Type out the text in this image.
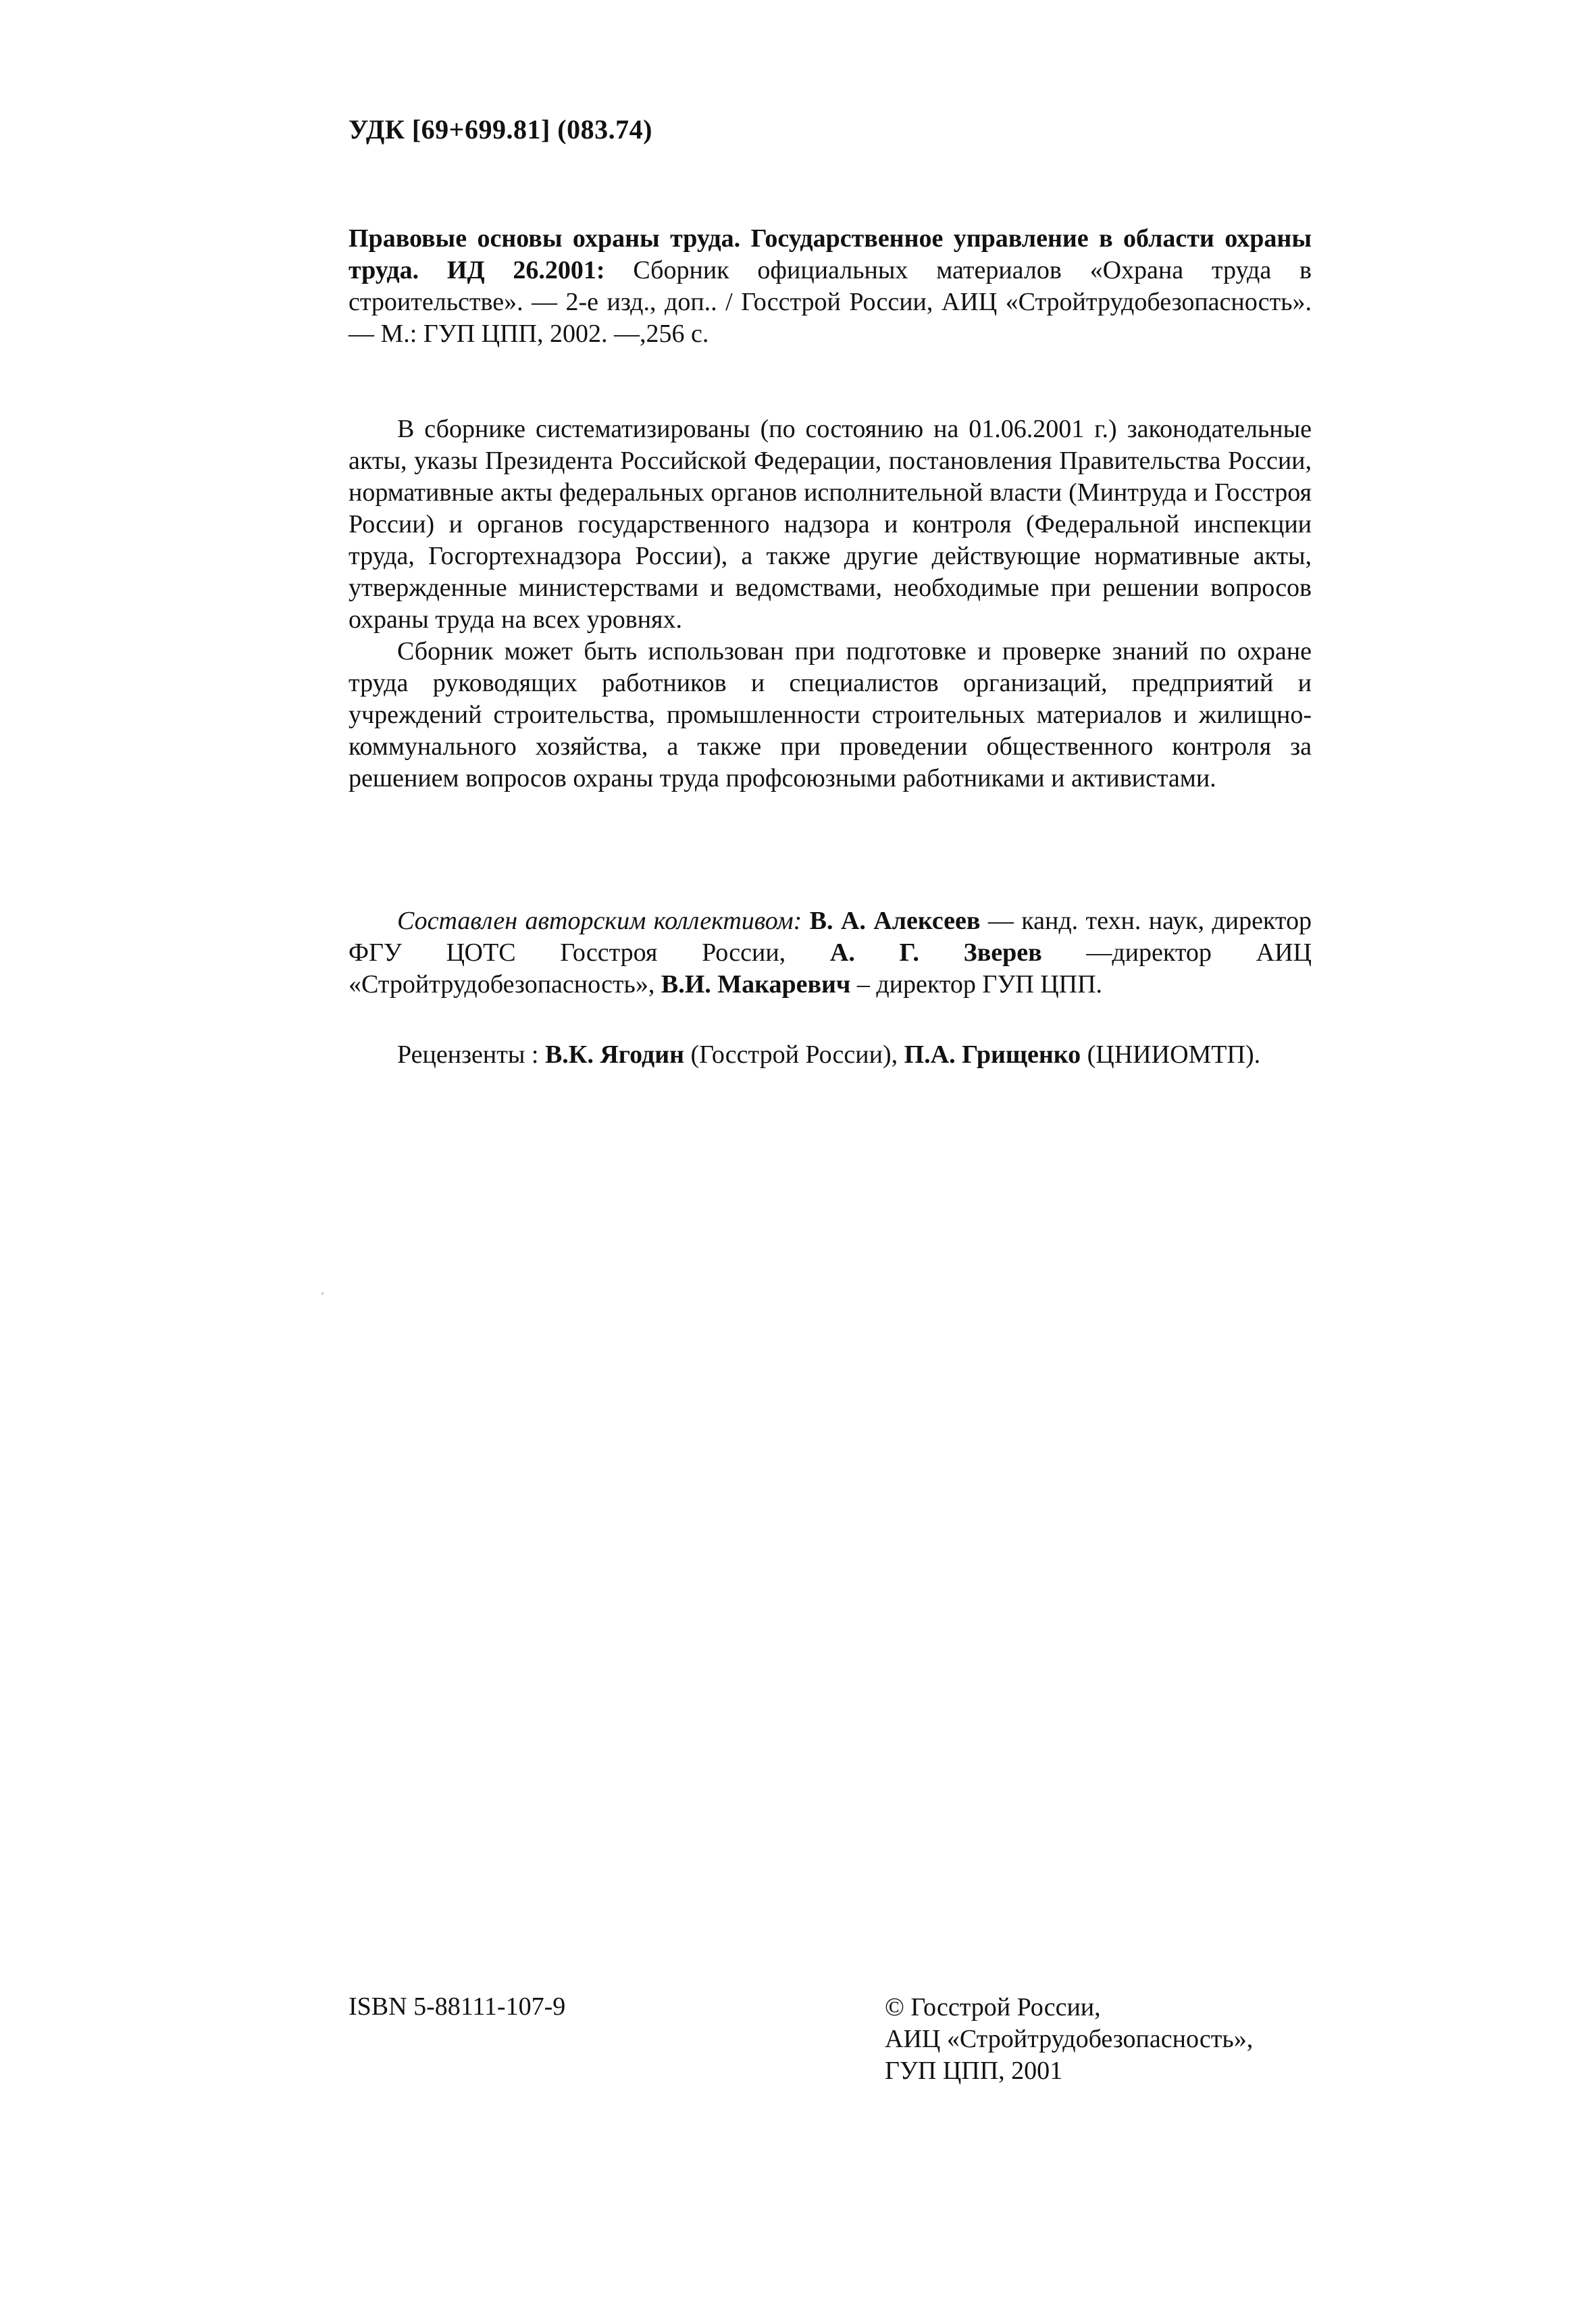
УДК [69+699.81] (083.74)
Правовые основы охраны труда. Государственное управление в области охраны труда. ИД 26.2001: Сборник официальных материалов «Охрана труда в строительстве». — 2-е изд., доп.. / Госстрой России, АИЦ «Стройтрудобезопасность». — М.: ГУП ЦПП, 2002. —,256 с.

В сборнике систематизированы (по состоянию на 01.06.2001 г.) законодательные акты, указы Президента Российской Федерации, постановления Правительства России, нормативные акты федеральных органов исполнительной власти (Минтруда и Госстроя России) и органов государственного надзора и контроля (Федеральной инспекции труда, Госгортехнадзора России), а также другие действующие нормативные акты, утвержденные министерствами и ведомствами, необходимые при решении вопросов охраны труда на всех уровнях.

Сборник может быть использован при подготовке и проверке знаний по охране труда руководящих работников и специалистов организаций, предприятий и учреждений строительства, промышленности строительных материалов и жилищно-коммунального хозяйства, а также при проведении общественного контроля за решением вопросов охраны труда профсоюзными работниками и активистами.

Составлен авторским коллективом: В. А. Алексеев — канд. техн. наук, директор ФГУ ЦОТС Госстроя России, А. Г. Зверев —директор АИЦ «Стройтрудобезопасность», В.И. Макаревич – директор ГУП ЦПП.
Рецензенты : В.К. Ягодин (Госстрой России), П.А. Грищенко (ЦНИИОМТП).
ISBN 5-88111-107-9	© Госстрой России,
АИЦ «Стройтрудобезопасность»,
ГУП ЦПП, 2001
